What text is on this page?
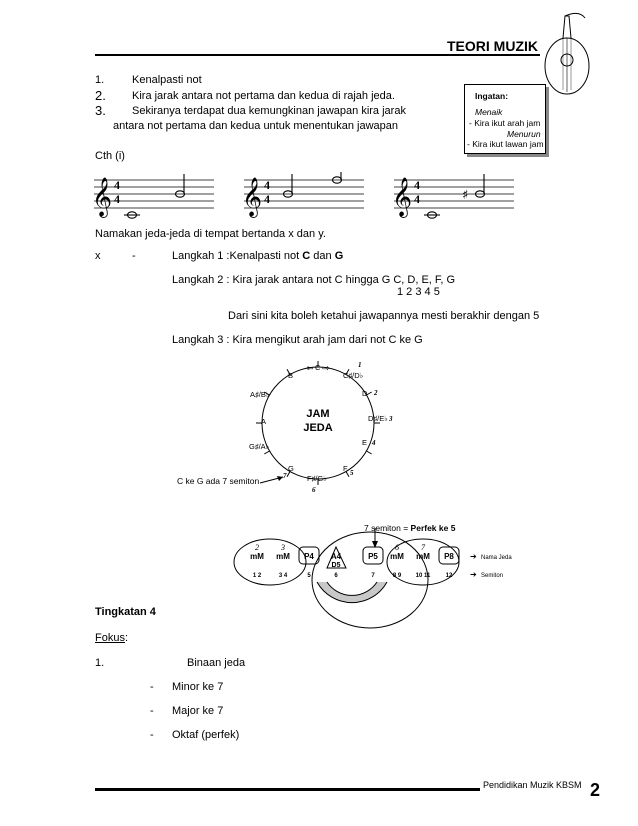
TEORI MUZIK
1.	Kenalpasti not
2. Kira jarak antara not pertama dan kedua di rajah jeda.
3. Sekiranya terdapat dua kemungkinan jawapan kira jarak
antara not pertama dan kedua untuk menentukan jawapan
Ingatan:
Menaik
- Kira ikut arah jam
Menurun
- Kira ikut lawan jam
Cth (i)
𝄞	𝄞	𝄞
4
4
4
4
4
4	♯
Namakan jeda-jeda di tempat bertanda x dan y.
x	-	Langkah 1 :Kenalpasti not C dan G
Langkah 2 : Kira jarak antara not C hingga G C, D, E, F, G
1 2 3 4 5
Dari sini kita boleh ketahui jawapannya mesti berakhir dengan 5
Langkah 3 : Kira mengikut arah jam dari not C ke G
JAM
JEDA
C
C♯/D♭
D
D♯/E♭
E
F
F♯/G♭
G
G♯/A♭
A
A♯/B♭
B
1
2
3
4
5
6
7
⇦ ⇨
C ke G ada 7 semiton
7 semiton = Perfek ke 5
mM mM P4 A4	P5 mM mM P8
D5
2	3	6	7
1 2	3 4	5	6	7	8 9 10 11	12
➔ Nama Jeda
➔ Semiton
Tingkatan 4
Fokus:
1.	Binaan jeda
- Minor ke 7
- Major ke 7
- Oktaf (perfek)
Pendidikan Muzik KBSM 2
